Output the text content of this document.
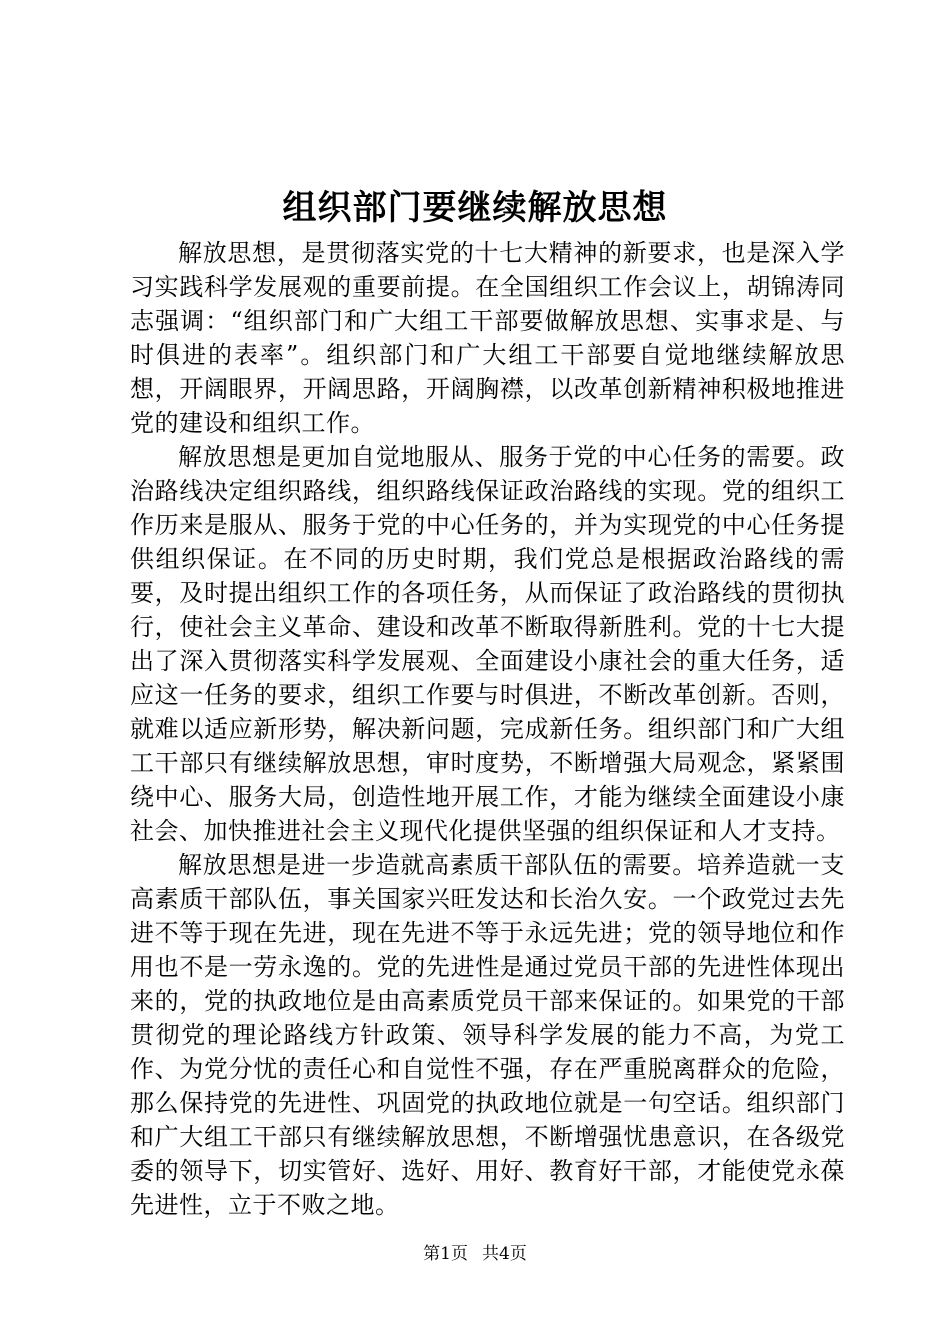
组织部门要继续解放思想

解放思想，是贯彻落实党的十七大精神的新要求，也是深入学习实践科学发展观的重要前提。在全国组织工作会议上，胡锦涛同志强调：“组织部门和广大组工干部要做解放思想、实事求是、与时俱进的表率”。组织部门和广大组工干部要自觉地继续解放思想，开阔眼界，开阔思路，开阔胸襟，以改革创新精神积极地推进党的建设和组织工作。

解放思想是更加自觉地服从、服务于党的中心任务的需要。政治路线决定组织路线，组织路线保证政治路线的实现。党的组织工作历来是服从、服务于党的中心任务的，并为实现党的中心任务提供组织保证。在不同的历史时期，我们党总是根据政治路线的需要，及时提出组织工作的各项任务，从而保证了政治路线的贯彻执行，使社会主义革命、建设和改革不断取得新胜利。党的十七大提出了深入贯彻落实科学发展观、全面建设小康社会的重大任务，适应这一任务的要求，组织工作要与时俱进，不断改革创新。否则，就难以适应新形势，解决新问题，完成新任务。组织部门和广大组工干部只有继续解放思想，审时度势，不断增强大局观念，紧紧围绕中心、服务大局，创造性地开展工作，才能为继续全面建设小康社会、加快推进社会主义现代化提供坚强的组织保证和人才支持。

解放思想是进一步造就高素质干部队伍的需要。培养造就一支高素质干部队伍，事关国家兴旺发达和长治久安。一个政党过去先进不等于现在先进，现在先进不等于永远先进；党的领导地位和作用也不是一劳永逸的。党的先进性是通过党员干部的先进性体现出来的，党的执政地位是由高素质党员干部来保证的。如果党的干部贯彻党的理论路线方针政策、领导科学发展的能力不高，为党工作、为党分忧的责任心和自觉性不强，存在严重脱离群众的危险，那么保持党的先进性、巩固党的执政地位就是一句空话。组织部门和广大组工干部只有继续解放思想，不断增强忧患意识，在各级党委的领导下，切实管好、选好、用好、教育好干部，才能使党永葆先进性，立于不败之地。

第1页 共4页
